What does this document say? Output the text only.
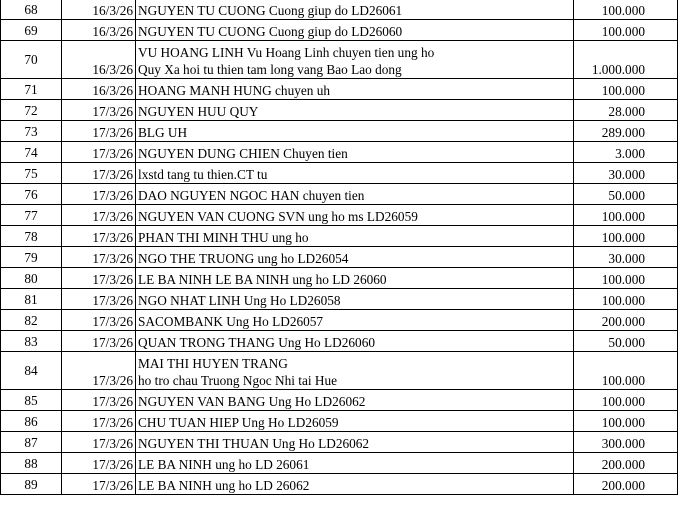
68	16/3/26	NGUYEN TU CUONG Cuong giup do LD26061	100.000
69	16/3/26	NGUYEN TU CUONG Cuong giup do LD26060	100.000
70	16/3/26	VU HOANG LINH Vu Hoang Linh chuyen tien ung ho
Quy Xa hoi tu thien tam long vang Bao Lao dong	1.000.000
71	16/3/26	HOANG MANH HUNG chuyen uh	100.000
72	17/3/26	NGUYEN HUU QUY	28.000
73	17/3/26	BLG UH	289.000
74	17/3/26	NGUYEN DUNG CHIEN Chuyen tien	3.000
75	17/3/26	lxstd tang tu thien.CT tu	30.000
76	17/3/26	DAO NGUYEN NGOC HAN chuyen tien	50.000
77	17/3/26	NGUYEN VAN CUONG SVN ung ho ms LD26059	100.000
78	17/3/26	PHAN THI MINH THU ung ho	100.000
79	17/3/26	NGO THE TRUONG ung ho LD26054	30.000
80	17/3/26	LE BA NINH LE BA NINH ung ho LD 26060	100.000
81	17/3/26	NGO NHAT LINH Ung Ho LD26058	100.000
82	17/3/26	SACOMBANK Ung Ho LD26057	200.000
83	17/3/26	QUAN TRONG THANG Ung Ho LD26060	50.000
84	17/3/26	MAI THI HUYEN TRANG
ho tro chau Truong Ngoc Nhi tai Hue	100.000
85	17/3/26	NGUYEN VAN BANG Ung Ho LD26062	100.000
86	17/3/26	CHU TUAN HIEP Ung Ho LD26059	100.000
87	17/3/26	NGUYEN THI THUAN Ung Ho LD26062	300.000
88	17/3/26	LE BA NINH ung ho LD 26061	200.000
89	17/3/26	LE BA NINH ung ho LD 26062	200.000
